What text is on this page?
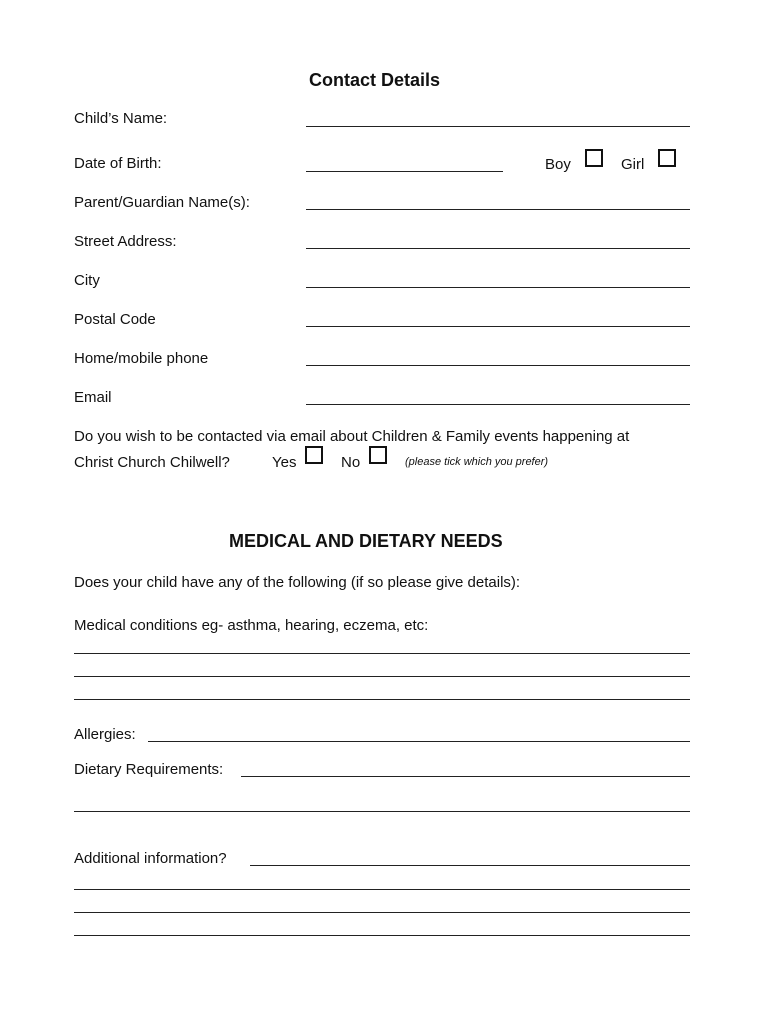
Contact Details
Child’s Name:
Date of Birth:	Boy	Girl
Parent/Guardian Name(s):
Street Address:
City
Postal Code
Home/mobile phone
Email
Do you wish to be contacted via email about Children & Family events happening at
Christ Church Chilwell?	Yes	No	(please tick which you prefer)
MEDICAL AND DIETARY NEEDS
Does your child have any of the following (if so please give details):
Medical conditions eg- asthma, hearing, eczema, etc:
Allergies:
Dietary Requirements:
Additional information?
